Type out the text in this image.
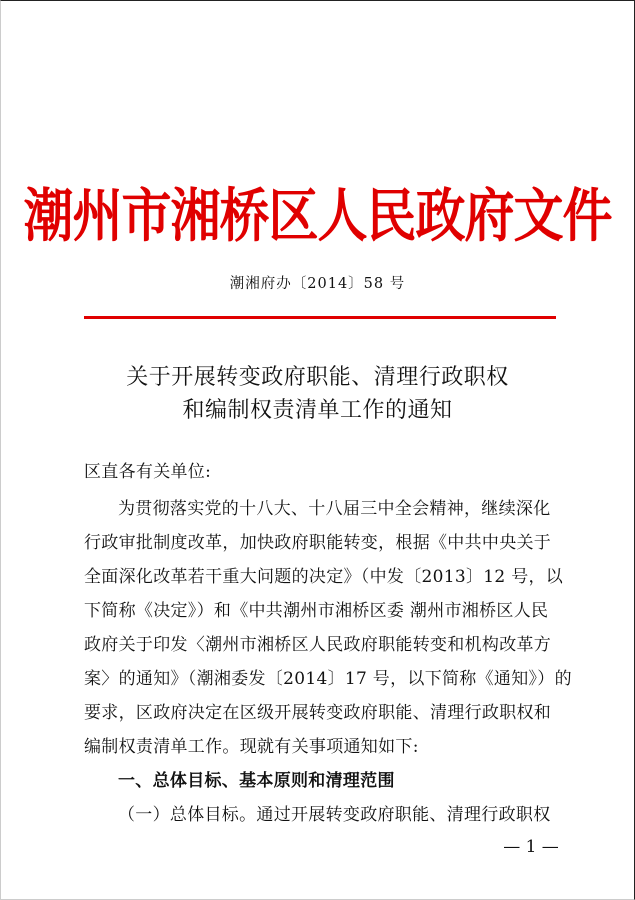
潮州市湘桥区人民政府文件
潮湘府办〔2014〕58 号
关于开展转变政府职能、清理行政职权
和编制权责清单工作的通知
区直各有关单位:
为贯彻落实党的十八大、十八届三中全会精神，继续深化
行政审批制度改革，加快政府职能转变，根据《中共中央关于
全面深化改革若干重大问题的决定》（中发〔2013〕12 号，以
下简称《决定》）和《中共潮州市湘桥区委 潮州市湘桥区人民
政府关于印发〈潮州市湘桥区人民政府职能转变和机构改革方
案〉的通知》（潮湘委发〔2014〕17 号，以下简称《通知》）的
要求，区政府决定在区级开展转变政府职能、清理行政职权和
编制权责清单工作。现就有关事项通知如下:
一、总体目标、基本原则和清理范围
（一）总体目标。通过开展转变政府职能、清理行政职权
— 1 —
